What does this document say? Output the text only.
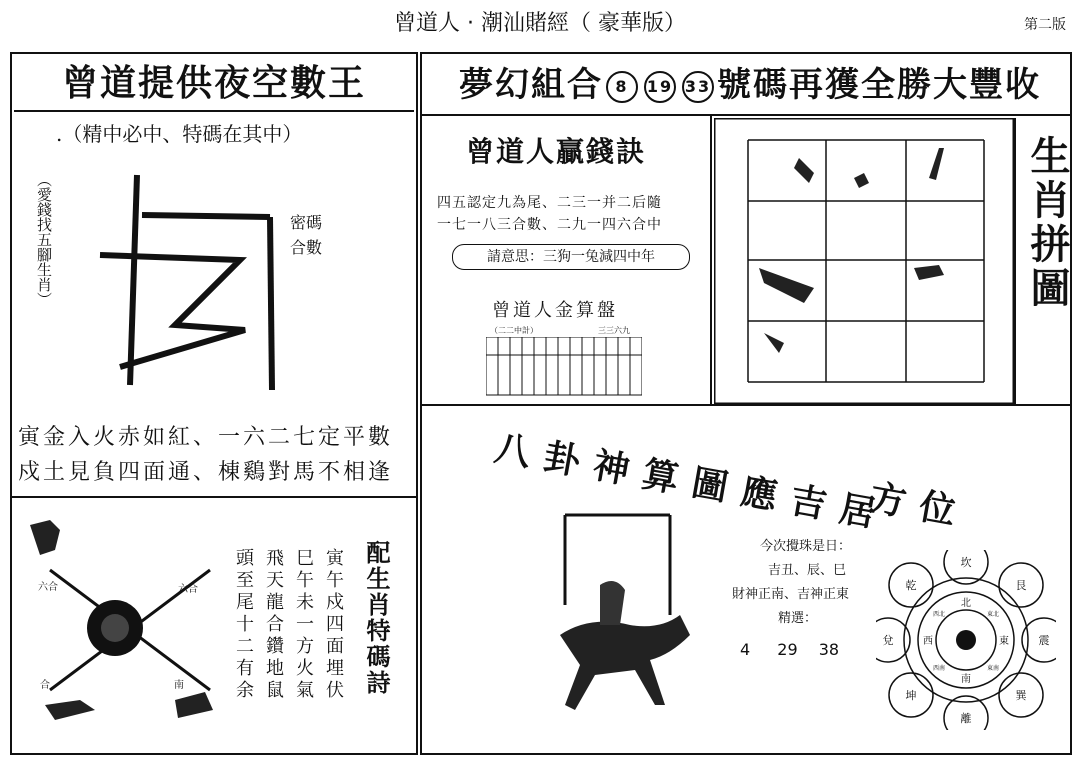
曾道人 · 潮汕賭經（ 豪華版）	第二版
曾道提供夜空數王
.（精中必中、特碼在其中）
（愛錢找五腳生肖）	密碼
合數
寅金入火赤如紅、一六二七定平數
戍土見負四面通、棟鷄對馬不相逢
六合	六合
合	南	寅午戍四面埋伏
巳午未一方火氣
飛天龍合鑽地鼠
頭至尾十二有余	配生肖特碼詩
夢幻組合 8 19 33 號碼再獲全勝大豐收
曾道人贏錢訣
四五認定九為尾、二三一并二后隨
一七一八三合數、二九一四六合中
請意思：三狗一兔減四中年
曾道人金算盤
（二二中計）	三三六九
生肖拼圖
八卦神算圖應吉居
方位
今次攪珠是日：
吉丑、辰、巳
財神正南、吉神正東
精選：
4 29 38
坎
艮
震
巽
離
坤
兌
乾
北
東
南
西
東北
東南
西南
西北
